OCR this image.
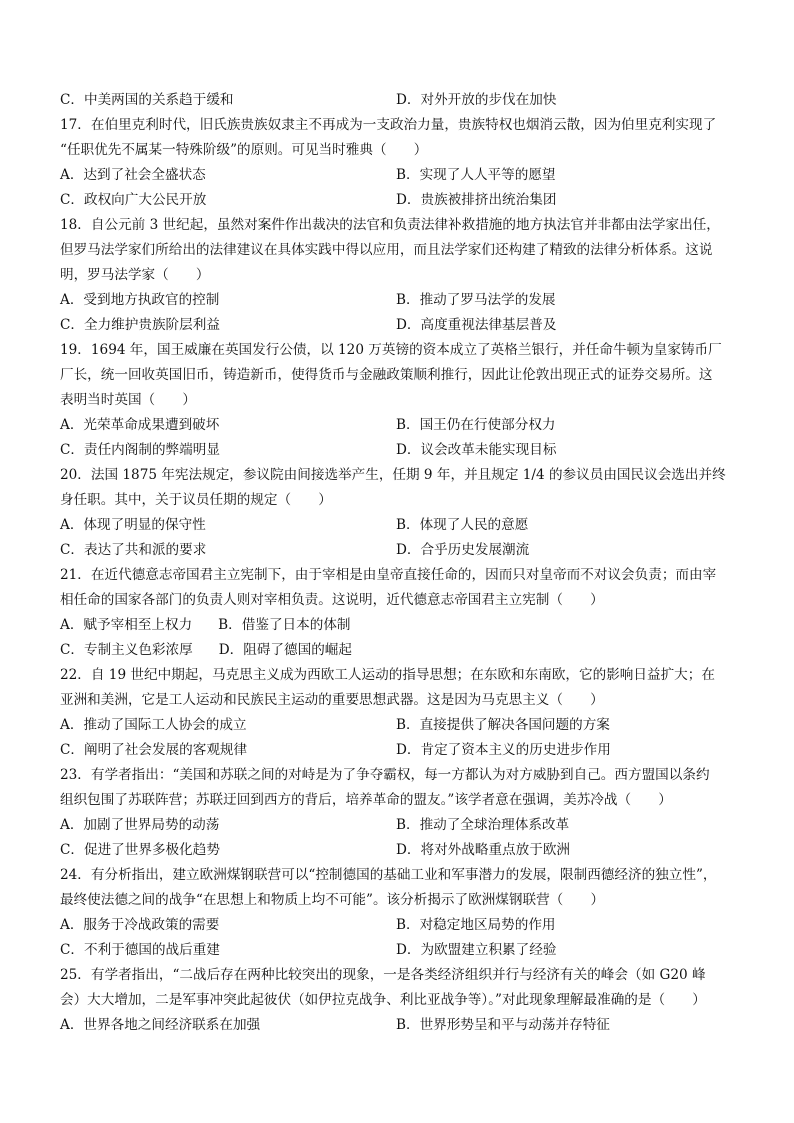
C．中美两国的关系趋于缓和	D．对外开放的步伐在加快
17．在伯里克利时代，旧氏族贵族奴隶主不再成为一支政治力量，贵族特权也烟消云散，因为伯里克利实现了
“任职优先不属某一特殊阶级”的原则。可见当时雅典（　　）
A．达到了社会全盛状态	B．实现了人人平等的愿望
C．政权向广大公民开放	D．贵族被排挤出统治集团
18．自公元前 3 世纪起，虽然对案件作出裁决的法官和负责法律补救措施的地方执法官并非都由法学家出任，
但罗马法学家们所给出的法律建议在具体实践中得以应用，而且法学家们还构建了精致的法律分析体系。这说
明，罗马法学家（　　）
A．受到地方执政官的控制	B．推动了罗马法学的发展
C．全力维护贵族阶层利益	D．高度重视法律基层普及
19．1694 年，国王威廉在英国发行公债，以 120 万英镑的资本成立了英格兰银行，并任命牛顿为皇家铸币厂
厂长，统一回收英国旧币，铸造新币，使得货币与金融政策顺利推行，因此让伦敦出现正式的证券交易所。这
表明当时英国（　　）
A．光荣革命成果遭到破坏	B．国王仍在行使部分权力
C．责任内阁制的弊端明显	D．议会改革未能实现目标
20．法国 1875 年宪法规定，参议院由间接选举产生，任期 9 年，并且规定 1/4 的参议员由国民议会选出并终
身任职。其中，关于议员任期的规定（　　）
A．体现了明显的保守性	B．体现了人民的意愿
C．表达了共和派的要求	D．合乎历史发展潮流
21．在近代德意志帝国君主立宪制下，由于宰相是由皇帝直接任命的，因而只对皇帝而不对议会负责；而由宰
相任命的国家各部门的负责人则对宰相负责。这说明，近代德意志帝国君主立宪制（　　）
A．赋予宰相至上权力 B．借鉴了日本的体制
C．专制主义色彩浓厚 D．阻碍了德国的崛起
22．自 19 世纪中期起，马克思主义成为西欧工人运动的指导思想；在东欧和东南欧，它的影响日益扩大；在
亚洲和美洲，它是工人运动和民族民主运动的重要思想武器。这是因为马克思主义（　　）
A．推动了国际工人协会的成立	B．直接提供了解决各国问题的方案
C．阐明了社会发展的客观规律	D．肯定了资本主义的历史进步作用
23．有学者指出：“美国和苏联之间的对峙是为了争夺霸权，每一方都认为对方威胁到自己。西方盟国以条约
组织包围了苏联阵营；苏联迂回到西方的背后，培养革命的盟友。”该学者意在强调，美苏冷战（　　）
A．加剧了世界局势的动荡	B．推动了全球治理体系改革
C．促进了世界多极化趋势	D．将对外战略重点放于欧洲
24．有分析指出，建立欧洲煤钢联营可以“控制德国的基础工业和军事潜力的发展，限制西德经济的独立性”，
最终使法德之间的战争“在思想上和物质上均不可能”。该分析揭示了欧洲煤钢联营（　　）
A．服务于冷战政策的需要	B．对稳定地区局势的作用
C．不利于德国的战后重建	D．为欧盟建立积累了经验
25．有学者指出，“二战后存在两种比较突出的现象，一是各类经济组织并行与经济有关的峰会（如 G20 峰
会）大大增加，二是军事冲突此起彼伏（如伊拉克战争、利比亚战争等）。”对此现象理解最准确的是（　　）
A．世界各地之间经济联系在加强	B．世界形势呈和平与动荡并存特征
